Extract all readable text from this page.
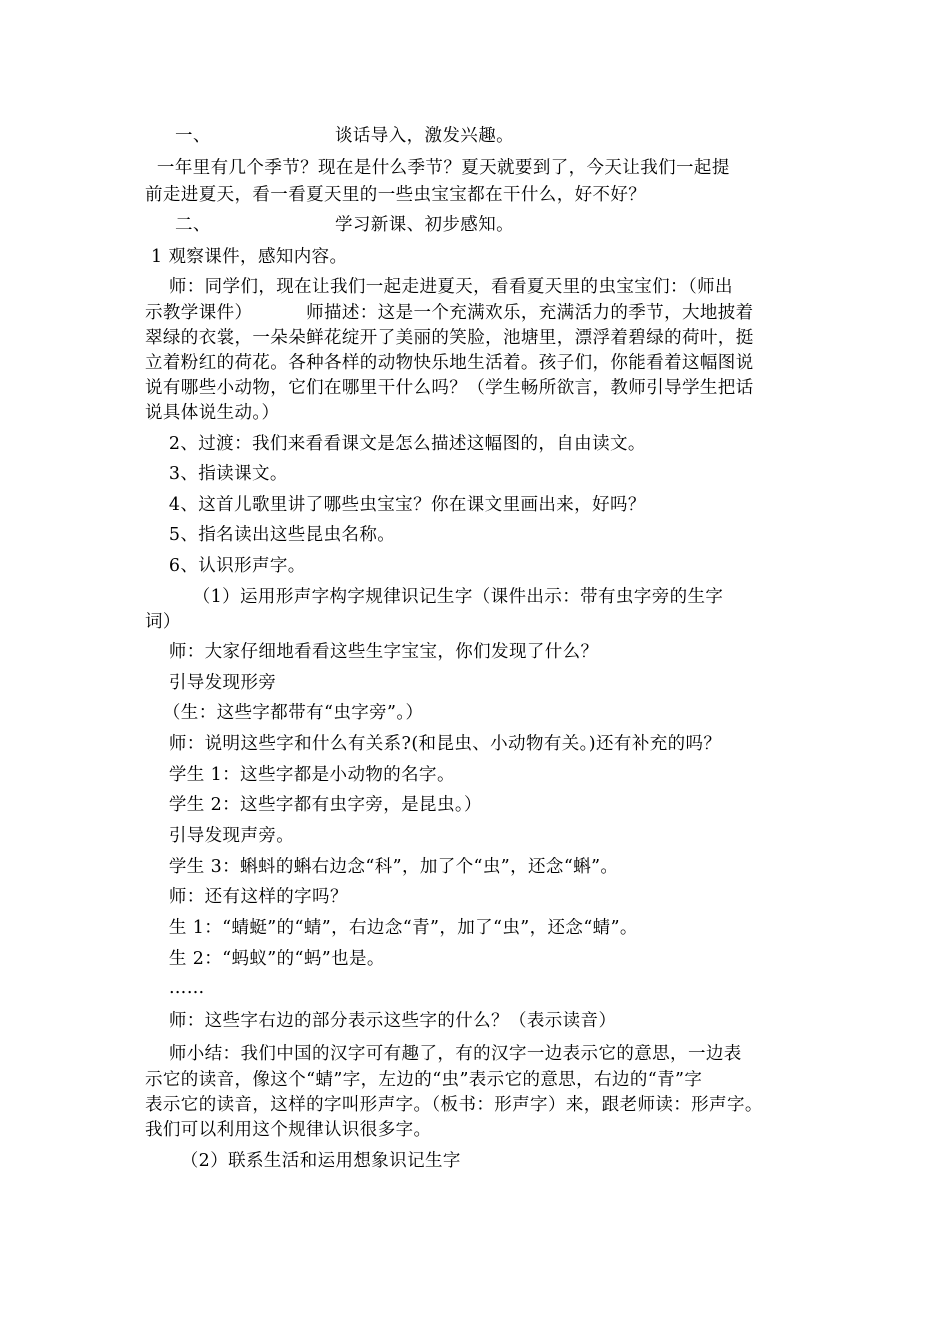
一、	谈话导入，激发兴趣。
一年里有几个季节？现在是什么季节？夏天就要到了，今天让我们一起提
前走进夏天，看一看夏天里的一些虫宝宝都在干什么，好不好？
二、	学习新课、初步感知。
1 观察课件，感知内容。
师：同学们，现在让我们一起走进夏天，看看夏天里的虫宝宝们：（师出
示教学课件）         师描述：这是一个充满欢乐，充满活力的季节，大地披着
翠绿的衣裳，一朵朵鲜花绽开了美丽的笑脸，池塘里，漂浮着碧绿的荷叶，挺
立着粉红的荷花。各种各样的动物快乐地生活着。孩子们，你能看着这幅图说
说有哪些小动物，它们在哪里干什么吗？（学生畅所欲言，教师引导学生把话
说具体说生动。）
2、过渡：我们来看看课文是怎么描述这幅图的，自由读文。
3、指读课文。
4、这首儿歌里讲了哪些虫宝宝？你在课文里画出来，好吗？
5、指名读出这些昆虫名称。
6、认识形声字。
（1）运用形声字构字规律识记生字（课件出示：带有虫字旁的生字
词）
师：大家仔细地看看这些生字宝宝，你们发现了什么？
引导发现形旁
（生：这些字都带有“虫字旁”。）
师：说明这些字和什么有关系?(和昆虫、小动物有关。)还有补充的吗？
学生 1：这些字都是小动物的名字。
学生 2：这些字都有虫字旁，是昆虫。）
引导发现声旁。
学生 3：蝌蚪的蝌右边念“科”，加了个“虫”，还念“蝌”。
师：还有这样的字吗？
生 1：“蜻蜓”的“蜻”，右边念“青”，加了“虫”，还念“蜻”。
生 2：“蚂蚁”的“蚂”也是。
……
师：这些字右边的部分表示这些字的什么？（表示读音）
师小结：我们中国的汉字可有趣了，有的汉字一边表示它的意思，一边表
示它的读音，像这个“蜻”字，左边的“虫”表示它的意思，右边的“青”字
表示它的读音，这样的字叫形声字。（板书：形声字）来，跟老师读：形声字。
我们可以利用这个规律认识很多字。
（2）联系生活和运用想象识记生字
